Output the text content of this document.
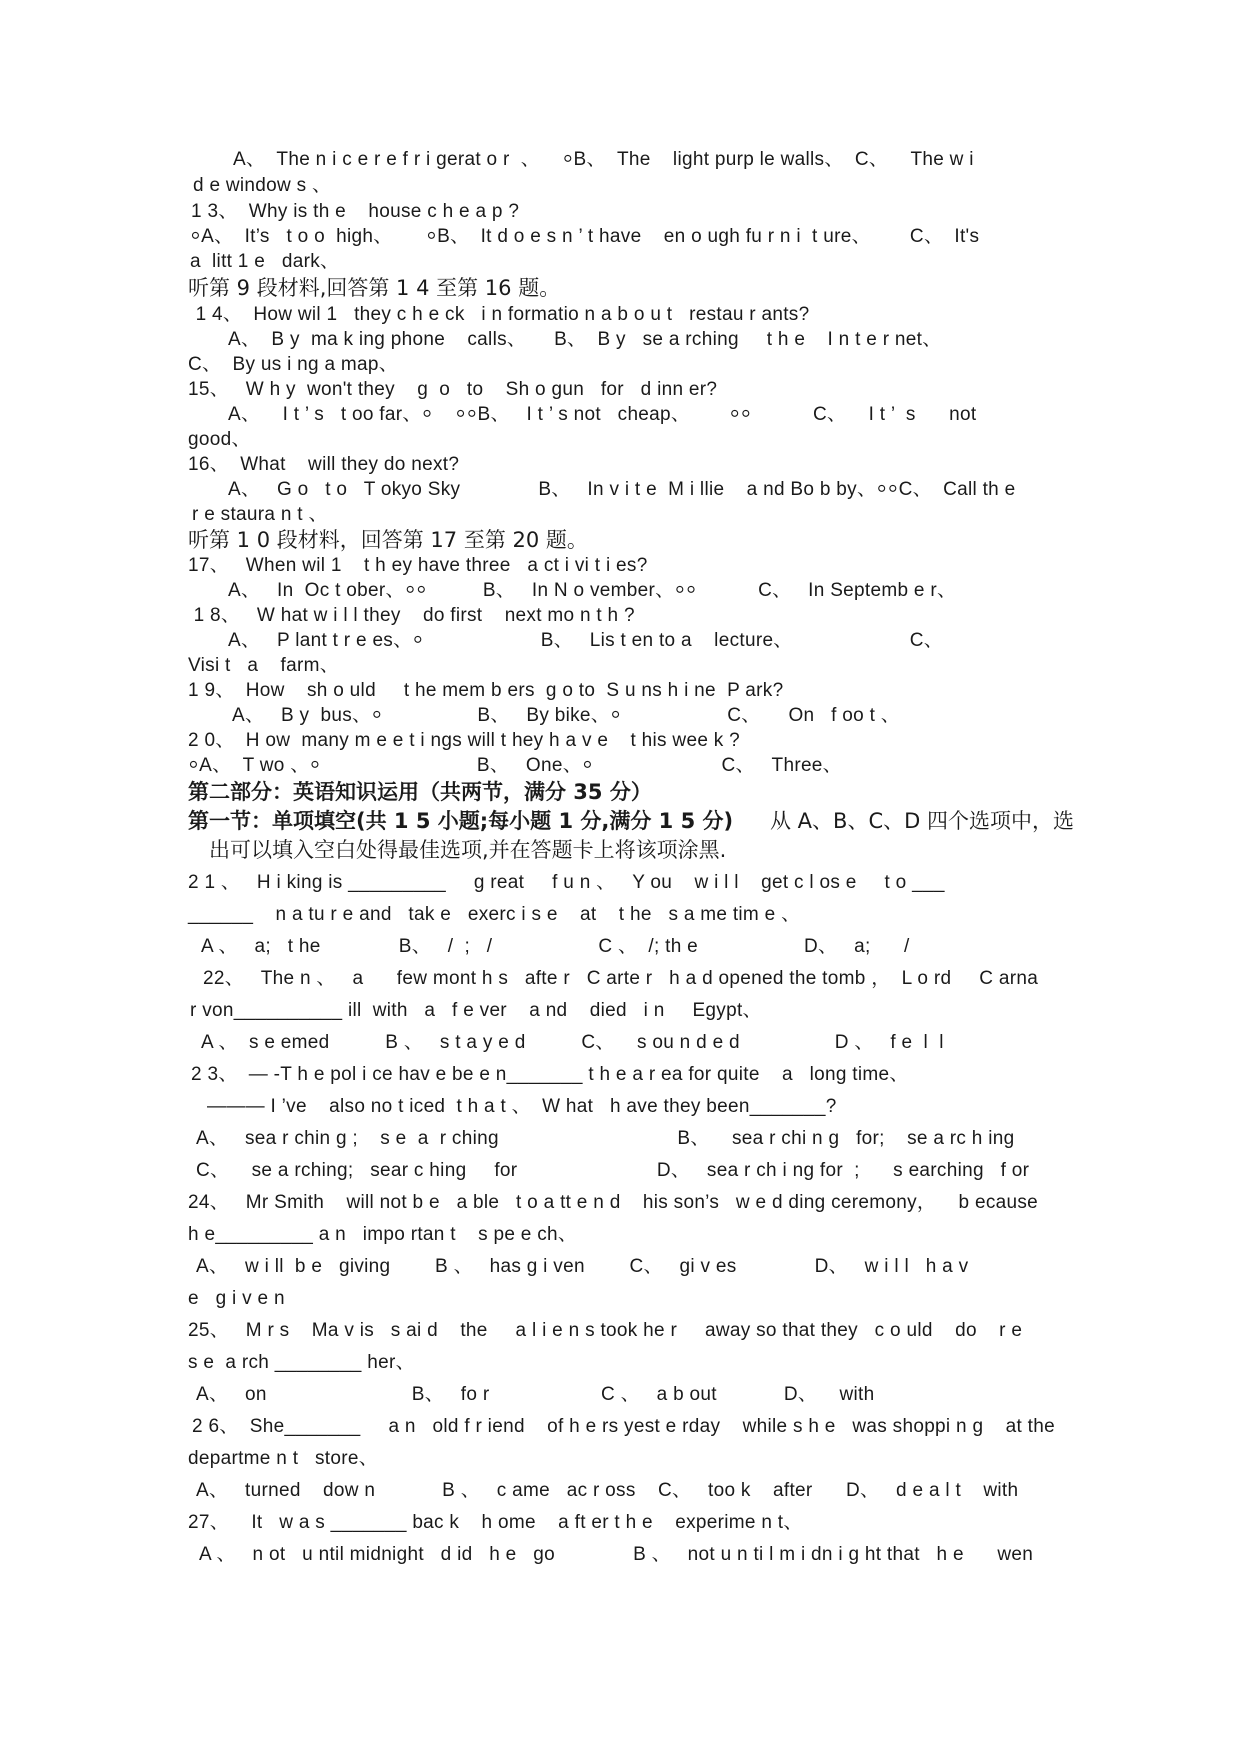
A、  The n i c e r e f r i gerat o r  、    ⸰B、  The    light purp le walls、  C、    The w i
d e window s 、
1 3、  Why is th e    house c h e a p ?
⸰A、  It’s   t o o  high、      ⸰B、  It d o e s n ’ t have    en o ugh fu r n i  t ure、       C、  It's
a  litt 1 e   dark、
听第 9 段材料,回答第 1 4 至第 16 题。
1 4、  How wil 1   they c h e ck   i n formatio n a b o u t   restau r ants?
A、  B y  ma k ing phone    calls、     B、  B y   se a rching     t h e    I n t e r net、
C、  By us i ng a map、
15、   W h y  won't they    g  o   to    Sh o gun   for   d inn er?
A、    I t ’ s   t oo far、⸰    ⸰⸰B、   I t ’ s not   cheap、       ⸰⸰           C、    I t ’  s      not
good、
16、  What    will they do next?
A、   G o   t o   T okyo Sky              B、   In v i t e  M i llie    a nd Bo b by、⸰⸰C、  Call th e
r e staura n t 、
听第 1 0 段材料，回答第 17 至第 20 题。
17、   When wil 1    t h ey have three   a ct i vi t i es?
A、   In  Oc t ober、⸰⸰          B、   In N o vember、⸰⸰           C、   In Septemb e r、
1 8、   W hat w i l l they    do first    next mo n t h ?
A、   P lant t r e es、⸰                     B、   Lis t en to a    lecture、                     C、
Visi t   a    farm、
1 9、  How    sh o uld     t he mem b ers  g o to  S u ns h i ne  P ark?
A、   B y  bus、⸰                 B、   By bike、⸰                   C、     On   f oo t 、
2 0、  H ow  many m e e t i ngs will t hey h a v e    t his wee k ?
⸰A、  T wo 、⸰                            B、   One、⸰                       C、   Three、
第二部分：英语知识运用（共两节，满分 35 分）
第一节：单项填空(共 1 5 小题;每小题 1 分,满分 1 5 分) 从 A、B、C、D 四个选项中，选
出可以填入空白处得最佳选项,并在答题卡上将该项涂黑.
2 1 、   H i king is _________     g reat     f u n 、   Y ou    w i l l    get c l os e     t o ___
______    n a tu r e and   tak e   exerc i s e    at    t he   s a me tim e 、
A 、   a;   t he              B、   /  ;   /                   C 、  /; th e                   D、   a;      /
22、   The n 、   a      few mont h s   afte r   C arte r   h a d opened the tomb ，  L o rd     C arna
r von__________ ill  with   a   f e ver    a nd    died   i n     Egypt、
A 、  s e emed          B 、   s t a y e d          C、    s ou n d e d                 D 、   f e  l  l
2 3、  — -T h e pol i ce hav e be e n_______ t h e a r ea for quite    a   long time、
——— I ’ve    also no t iced  t h a t 、  W hat   h ave they been_______?
A、   sea r chin g ;    s e  a  r ching                                B、    sea r chi n g   for;    se a rc h ing
C、    se a rching;   sear c hing     for                         D、   sea r ch i ng for  ;      s earching   f or
24、   Mr Smith    will not b e   a ble   t o a tt e n d    his son’s   w e d ding ceremony，    b ecause
h e_________ a n   impo rtan t    s pe e ch、
A、   w i ll  b e   giving        B 、   has g i ven        C、   gi v es              D、   w i l l   h a v
e   g i v e n
25、   M r s    Ma v is   s ai d    the     a l i e n s took he r     away so that they   c o uld    do    r e
s e  a rch ________ her、
A、   on                          B、   fo r                    C 、   a b out            D、    with
2 6、  She_______     a n   old f r iend    of h e rs yest e rday    while s h e   was shoppi n g    at the
departme n t   store、
A、   turned    dow n            B 、   c ame   ac r oss    C、   too k    after      D、   d e a l t    with
27、    It   w a s _______ bac k    h ome    a ft er t h e    experime n t、
A 、   n ot   u ntil midnight   d id   h e   go              B 、   not u n ti l m i dn i g ht that   h e      wen
